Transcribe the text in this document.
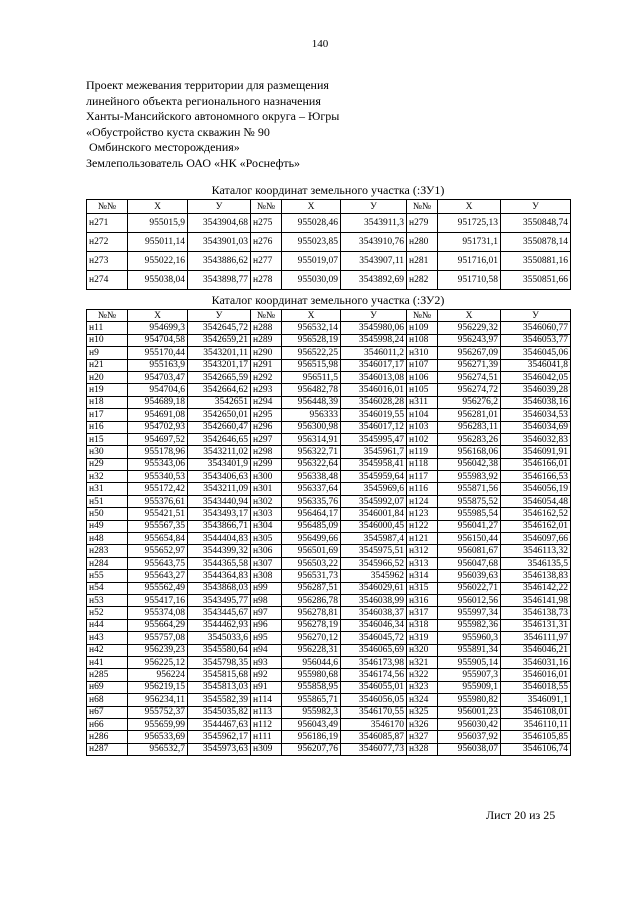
140
Проект межевания территории для размещения
линейного объекта регионального назначения
Ханты-Мансийского автономного округа – Югры
«Обустройство куста скважин № 90
Омбинского месторождения»
Землепользователь ОАО «НК «Роснефть»
Каталог координат земельного участка (:ЗУ1)
№№	Х	У	№№	Х	У	№№	Х	У
н271	955015,9	3543904,68	н275	955028,46	3543911,3	н279	951725,13	3550848,74
н272	955011,14	3543901,03	н276	955023,85	3543910,76	н280	951731,1	3550878,14
н273	955022,16	3543886,62	н277	955019,07	3543907,11	н281	951716,01	3550881,16
н274	955038,04	3543898,77	н278	955030,09	3543892,69	н282	951710,58	3550851,66
Каталог координат земельного участка (:ЗУ2)
№№	Х	У	№№	Х	У	№№	Х	У
н11	954699,3	3542645,72	н288	956532,14	3545980,06	н109	956229,32	3546060,77
н10	954704,58	3542659,21	н289	956528,19	3545998,24	н108	956243,97	3546053,77
н9	955170,44	3543201,11	н290	956522,25	3546011,2	н310	956267,09	3546045,06
н21	955163,9	3543201,17	н291	956515,98	3546017,17	н107	956271,39	3546041,8
н20	954703,47	3542665,59	н292	956511,5	3546013,08	н106	956274,51	3546042,05
н19	954704,6	3542664,62	н293	956482,78	3546016,01	н105	956274,72	3546039,28
н18	954689,18	3542651	н294	956448,39	3546028,28	н311	956276,2	3546038,16
н17	954691,08	3542650,01	н295	956333	3546019,55	н104	956281,01	3546034,53
н16	954702,93	3542660,47	н296	956300,98	3546017,12	н103	956283,11	3546034,69
н15	954697,52	3542646,65	н297	956314,91	3545995,47	н102	956283,26	3546032,83
н30	955178,96	3543211,02	н298	956322,71	3545961,7	н119	956168,06	3546091,91
н29	955343,06	3543401,9	н299	956322,64	3545958,41	н118	956042,38	3546166,01
н32	955340,53	3543406,63	н300	956338,48	3545959,64	н117	955983,92	3546166,53
н31	955172,42	3543211,09	н301	956337,64	3545969,6	н116	955871,56	3546056,19
н51	955376,61	3543440,94	н302	956335,76	3545992,07	н124	955875,52	3546054,48
н50	955421,51	3543493,17	н303	956464,17	3546001,84	н123	955985,54	3546162,52
н49	955567,35	3543866,71	н304	956485,09	3546000,45	н122	956041,27	3546162,01
н48	955654,84	3544404,83	н305	956499,66	3545987,4	н121	956150,44	3546097,66
н283	955652,97	3544399,32	н306	956501,69	3545975,51	н312	956081,67	3546113,32
н284	955643,75	3544365,58	н307	956503,22	3545966,52	н313	956047,68	3546135,5
н55	955643,27	3544364,83	н308	956531,73	3545962	н314	956039,63	3546138,83
н54	955562,49	3543868,03	н99	956287,51	3546029,61	н315	956022,71	3546142,22
н53	955417,16	3543495,77	н98	956286,78	3546038,99	н316	956012,56	3546141,98
н52	955374,08	3543445,67	н97	956278,81	3546038,37	н317	955997,34	3546138,73
н44	955664,29	3544462,93	н96	956278,19	3546046,34	н318	955982,36	3546131,31
н43	955757,08	3545033,6	н95	956270,12	3546045,72	н319	955960,3	3546111,97
н42	956239,23	3545580,64	н94	956228,31	3546065,69	н320	955891,34	3546046,21
н41	956225,12	3545798,35	н93	956044,6	3546173,98	н321	955905,14	3546031,16
н285	956224	3545815,68	н92	955980,68	3546174,56	н322	955907,3	3546016,01
н69	956219,15	3545813,03	н91	955858,95	3546055,01	н323	955909,1	3546018,55
н68	956234,11	3545582,39	н114	955865,71	3546056,05	н324	955980,82	3546091,1
н67	955752,37	3545035,82	н113	955982,3	3546170,55	н325	956001,23	3546108,01
н66	955659,99	3544467,63	н112	956043,49	3546170	н326	956030,42	3546110,11
н286	956533,69	3545962,17	н111	956186,19	3546085,87	н327	956037,92	3546105,85
н287	956532,7	3545973,63	н309	956207,76	3546077,73	н328	956038,07	3546106,74
Лист 20 из 25
